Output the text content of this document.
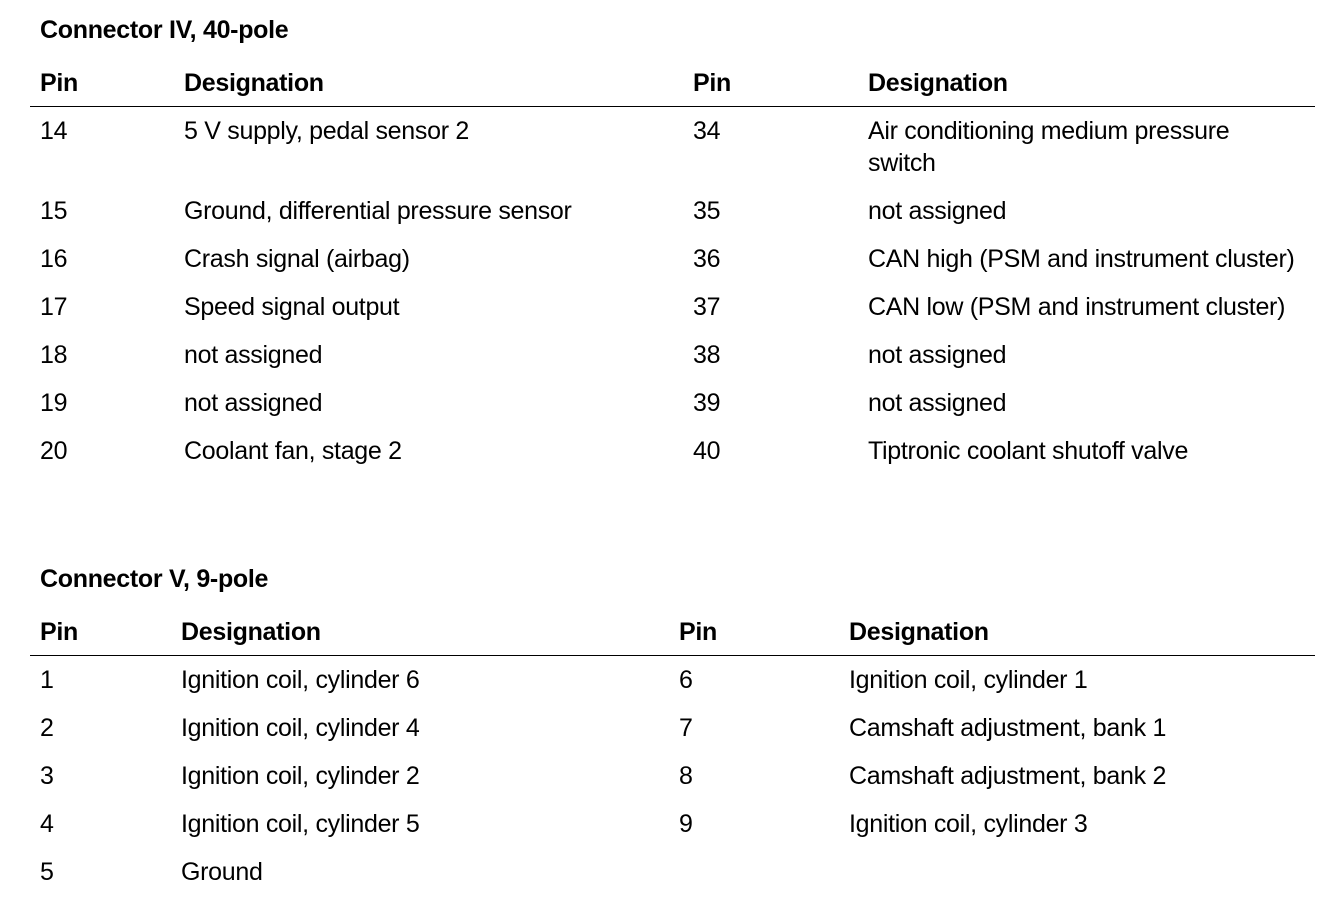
Connector IV, 40-pole
Pin	Designation	Pin	Designation
14	5 V supply, pedal sensor 2	34	Air conditioning medium pressure switch
15	Ground, differential pressure sensor	35	not assigned
16	Crash signal (airbag)	36	CAN high (PSM and instrument cluster)
17	Speed signal output	37	CAN low (PSM and instrument cluster)
18	not assigned	38	not assigned
19	not assigned	39	not assigned
20	Coolant fan, stage 2	40	Tiptronic coolant shutoff valve
Connector V, 9-pole
Pin	Designation	Pin	Designation
1	Ignition coil, cylinder 6	6	Ignition coil, cylinder 1
2	Ignition coil, cylinder 4	7	Camshaft adjustment, bank 1
3	Ignition coil, cylinder 2	8	Camshaft adjustment, bank 2
4	Ignition coil, cylinder 5	9	Ignition coil, cylinder 3
5	Ground
